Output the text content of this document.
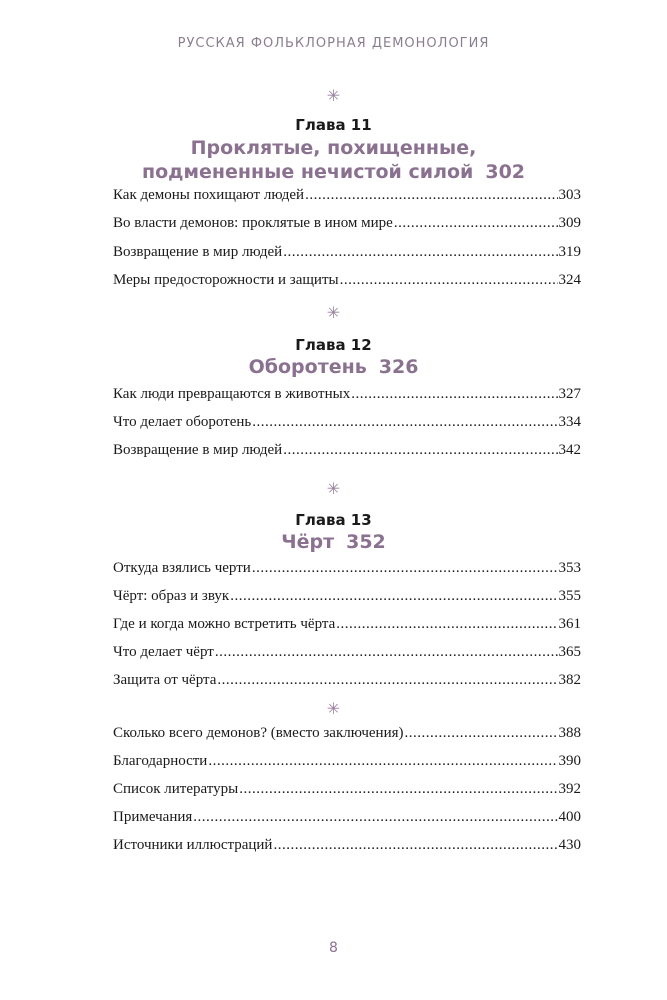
РУССКАЯ ФОЛЬКЛОРНАЯ ДЕМОНОЛОГИЯ
✳
Глава 11
Проклятые, похищенные,
подмененные нечистой силой 302
✳
Глава 12
Оборотень 326
✳
Глава 13
Чёрт 352
✳
Как демоны похищают людей .....	303
Во власти демонов: проклятые в ином мире .....	309
Возвращение в мир людей .....	319
Меры предосторожности и защиты .....	324
Как люди превращаются в животных .....	327
Что делает оборотень .....	334
Возвращение в мир людей .....	342
Откуда взялись черти .....	353
Чёрт: образ и звук .....	355
Где и когда можно встретить чёрта .....	361
Что делает чёрт .....	365
Защита от чёрта .....	382
Сколько всего демонов? (вместо заключения) .....	388
Благодарности .....	390
Список литературы .....	392
Примечания .....	400
Источники иллюстраций .....	430
8
